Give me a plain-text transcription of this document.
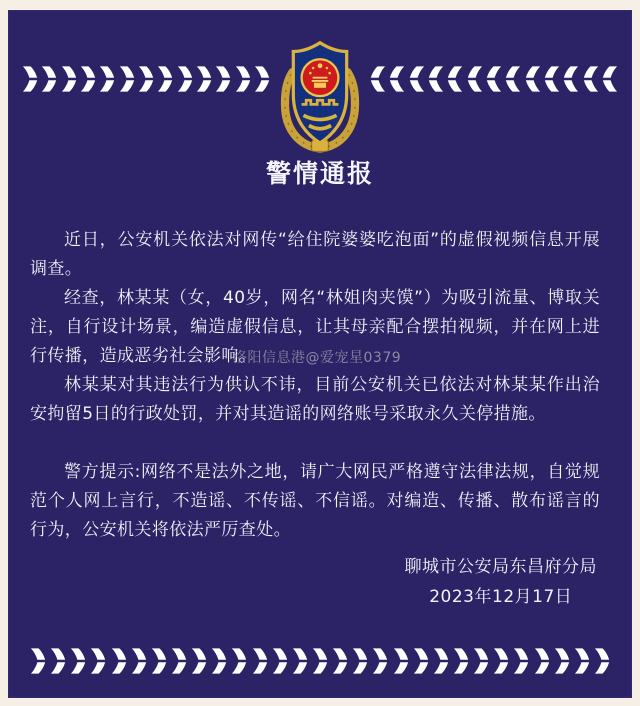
警情通报

近日，公安机关依法对网传“给住院婆婆吃泡面”的虚假视频信息开展调查。

经查，林某某（女，40岁，网名“林姐肉夹馍”）为吸引流量、博取关注，自行设计场景，编造虚假信息，让其母亲配合摆拍视频，并在网上进行传播，造成恶劣社会影响。

林某某对其违法行为供认不讳，目前公安机关已依法对林某某作出治安拘留5日的行政处罚，并对其造谣的网络账号采取永久关停措施。

警方提示:网络不是法外之地，请广大网民严格遵守法律法规，自觉规范个人网上言行，不造谣、不传谣、不信谣。对编造、传播、散布谣言的行为，公安机关将依法严厉查处。

洛阳信息港@爱宠星0379
聊城市公安局东昌府分局
2023年12月17日
